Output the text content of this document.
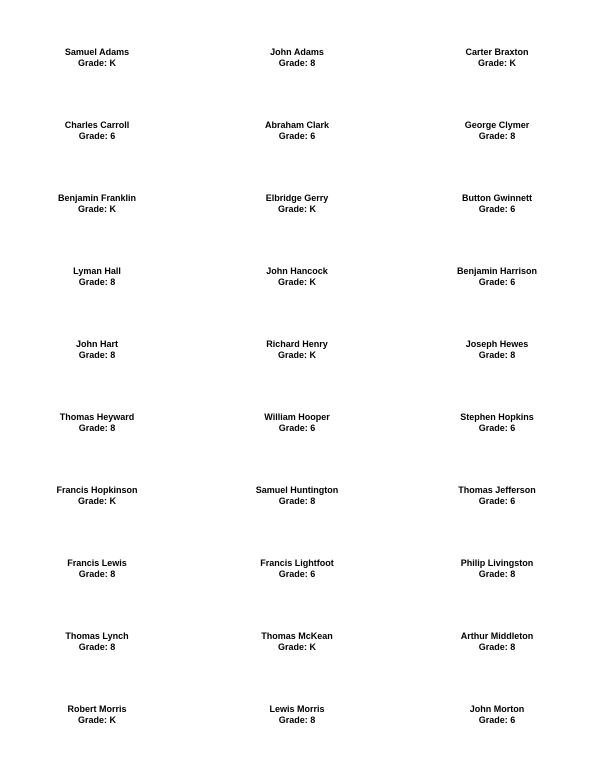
Samuel Adams
Grade: K
John Adams
Grade: 8
Carter Braxton
Grade: K
Charles Carroll
Grade: 6
Abraham Clark
Grade: 6
George Clymer
Grade: 8
Benjamin Franklin
Grade: K
Elbridge Gerry
Grade: K
Button Gwinnett
Grade: 6
Lyman Hall
Grade: 8
John Hancock
Grade: K
Benjamin Harrison
Grade: 6
John Hart
Grade: 8
Richard Henry
Grade: K
Joseph Hewes
Grade: 8
Thomas Heyward
Grade: 8
William Hooper
Grade: 6
Stephen Hopkins
Grade: 6
Francis Hopkinson
Grade: K
Samuel Huntington
Grade: 8
Thomas Jefferson
Grade: 6
Francis Lewis
Grade: 8
Francis Lightfoot
Grade: 6
Philip Livingston
Grade: 8
Thomas Lynch
Grade: 8
Thomas McKean
Grade: K
Arthur Middleton
Grade: 8
Robert Morris
Grade: K
Lewis Morris
Grade: 8
John Morton
Grade: 6
